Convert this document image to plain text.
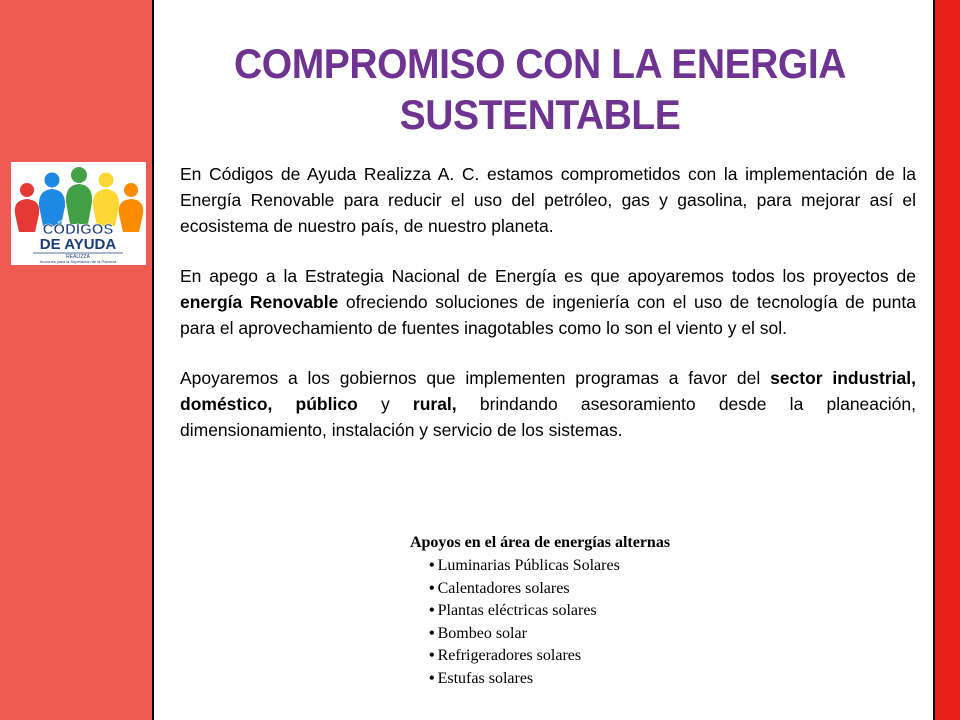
CÓDIGOS
DE AYUDA
REALIZZA
Acciones para la Superación de la Pobreza
COMPROMISO CON LA ENERGIA
SUSTENTABLE

En Códigos de Ayuda Realizza A. C. estamos comprometidos con la implementación de la Energía Renovable para reducir el uso del petróleo, gas y gasolina, para mejorar así el ecosistema de nuestro país, de nuestro planeta.

En apego a la Estrategia Nacional de Energía es que apoyaremos todos los proyectos de energía Renovable ofreciendo soluciones de ingeniería con el uso de tecnología de punta para el aprovechamiento de fuentes inagotables como lo son el viento y el sol.

Apoyaremos a los gobiernos que implementen programas a favor del sector industrial, doméstico, público y rural, brindando asesoramiento desde la planeación, dimensionamiento, instalación y servicio de los sistemas.

Apoyos en el área de energías alternas
• Luminarias Públicas Solares
• Calentadores solares
• Plantas eléctricas solares
• Bombeo solar
• Refrigeradores solares
• Estufas solares
